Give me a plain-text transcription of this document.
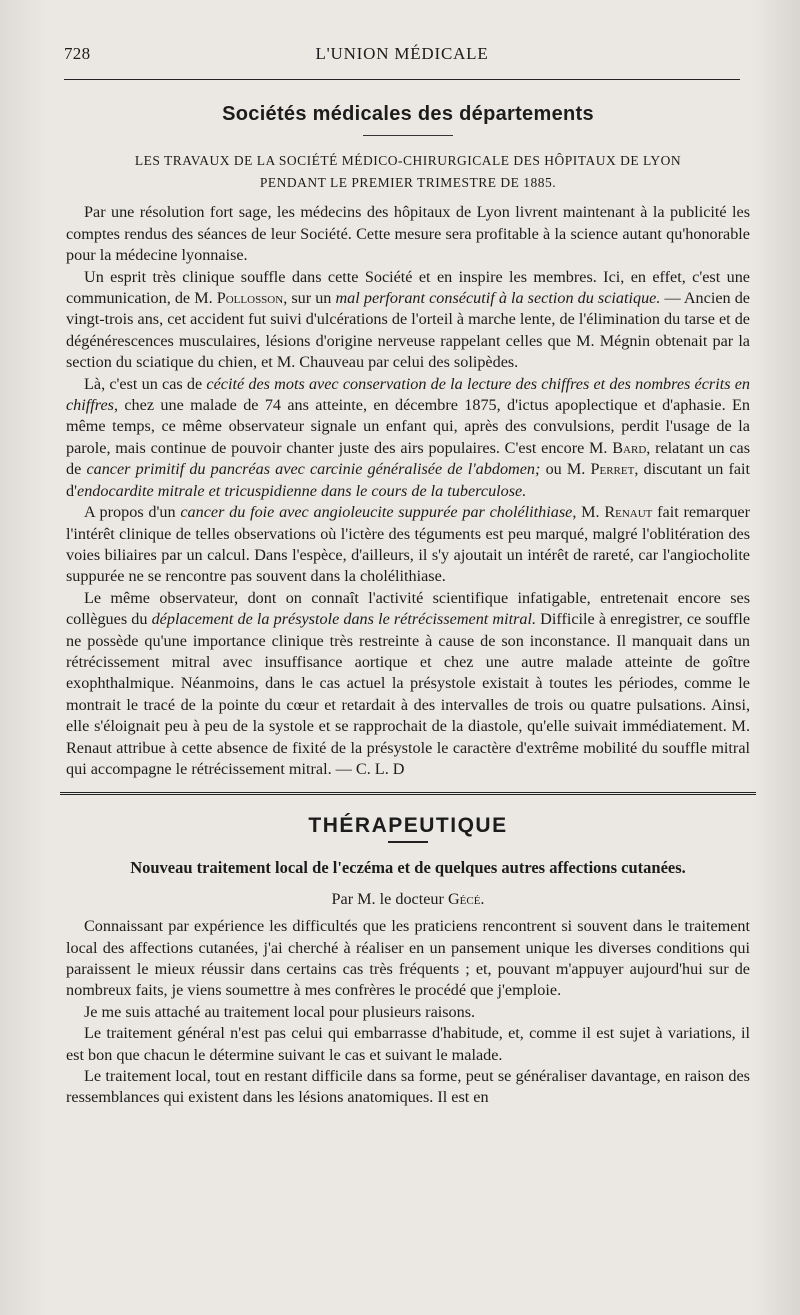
728	L'UNION MÉDICALE
Sociétés médicales des départements
LES TRAVAUX DE LA SOCIÉTÉ MÉDICO-CHIRURGICALE DES HÔPITAUX DE LYON
PENDANT LE PREMIER TRIMESTRE DE 1885.

Par une résolution fort sage, les médecins des hôpitaux de Lyon livrent maintenant à la publicité les comptes rendus des séances de leur Société. Cette mesure sera profitable à la science autant qu'honorable pour la médecine lyonnaise.

Un esprit très clinique souffle dans cette Société et en inspire les membres. Ici, en effet, c'est une communication, de M. Pollosson, sur un mal perforant consécutif à la section du sciatique. — Ancien de vingt-trois ans, cet accident fut suivi d'ulcérations de l'orteil à marche lente, de l'élimination du tarse et de dégénérescences musculaires, lésions d'origine nerveuse rappelant celles que M. Mégnin obtenait par la section du sciatique du chien, et M. Chauveau par celui des solipèdes.

Là, c'est un cas de cécité des mots avec conservation de la lecture des chiffres et des nombres écrits en chiffres, chez une malade de 74 ans atteinte, en décembre 1875, d'ictus apoplectique et d'aphasie. En même temps, ce même observateur signale un enfant qui, après des convulsions, perdit l'usage de la parole, mais continue de pouvoir chanter juste des airs populaires. C'est encore M. Bard, relatant un cas de cancer primitif du pancréas avec carcinie généralisée de l'abdomen; ou M. Perret, discutant un fait d'endocardite mitrale et tricuspidienne dans le cours de la tuberculose.

A propos d'un cancer du foie avec angioleucite suppurée par cholélithiase, M. Renaut fait remarquer l'intérêt clinique de telles observations où l'ictère des téguments est peu marqué, malgré l'oblitération des voies biliaires par un calcul. Dans l'espèce, d'ailleurs, il s'y ajoutait un intérêt de rareté, car l'angiocholite suppurée ne se rencontre pas souvent dans la cholélithiase.

Le même observateur, dont on connaît l'activité scientifique infatigable, entretenait encore ses collègues du déplacement de la présystole dans le rétrécissement mitral. Difficile à enregistrer, ce souffle ne possède qu'une importance clinique très restreinte à cause de son inconstance. Il manquait dans un rétrécissement mitral avec insuffisance aortique et chez une autre malade atteinte de goître exophthalmique. Néanmoins, dans le cas actuel la présystole existait à toutes les périodes, comme le montrait le tracé de la pointe du cœur et retardait à des intervalles de trois ou quatre pulsations. Ainsi, elle s'éloignait peu à peu de la systole et se rapprochait de la diastole, qu'elle suivait immédiatement. M. Renaut attribue à cette absence de fixité de la présystole le caractère d'extrême mobilité du souffle mitral qui accompagne le rétrécissement mitral. — C. L. D

THÉRAPEUTIQUE
Nouveau traitement local de l'eczéma et de quelques autres affections cutanées.
Par M. le docteur Gécé.

Connaissant par expérience les difficultés que les praticiens rencontrent si souvent dans le traitement local des affections cutanées, j'ai cherché à réaliser en un pansement unique les diverses conditions qui paraissent le mieux réussir dans certains cas très fréquents ; et, pouvant m'appuyer aujourd'hui sur de nombreux faits, je viens soumettre à mes confrères le procédé que j'emploie.

Je me suis attaché au traitement local pour plusieurs raisons.

Le traitement général n'est pas celui qui embarrasse d'habitude, et, comme il est sujet à variations, il est bon que chacun le détermine suivant le cas et suivant le malade.

Le traitement local, tout en restant difficile dans sa forme, peut se généraliser davantage, en raison des ressemblances qui existent dans les lésions anatomiques. Il est en
